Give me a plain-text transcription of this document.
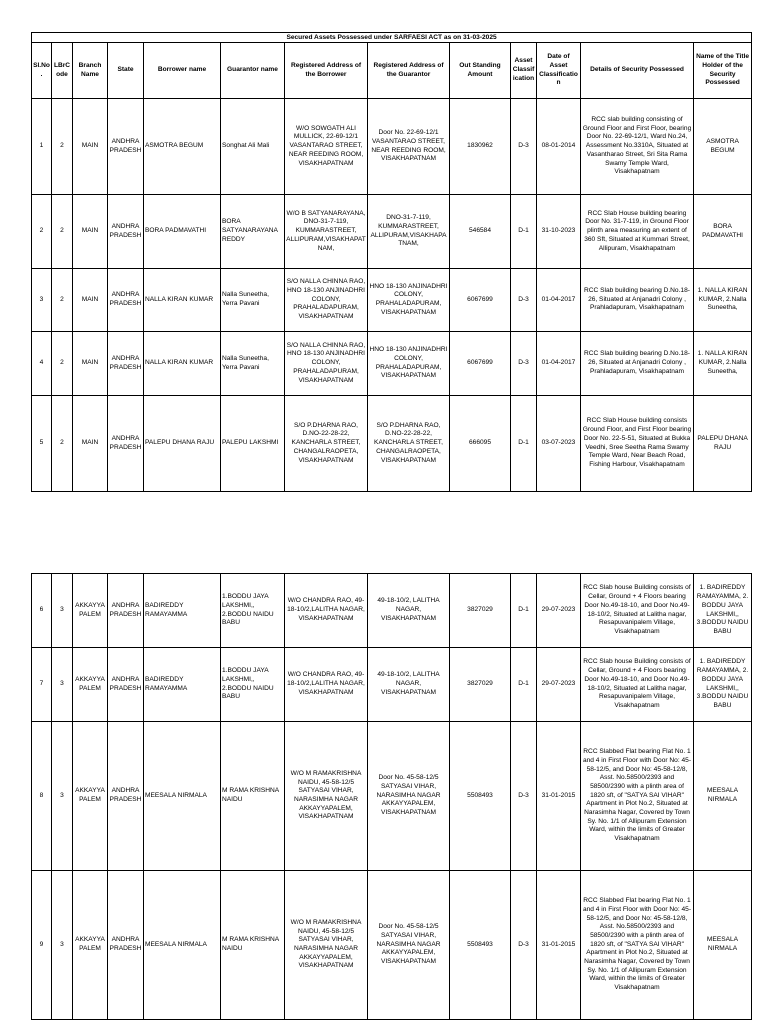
Secured Assets Possessed under SARFAESI ACT as on 31-03-2025												
Sl.No.	LBrCode	Branch Name	State	Borrower name	Guarantor name	Registered Address of the Borrower	Registered Address of the Guarantor	Out Standing Amount	Asset Classification	Date of Asset Classification	Details of Security Possessed	Name of the Title Holder of the Security Possessed
1	2	MAIN	ANDHRA PRADESH	ASMOTRA BEGUM	Songhat Ali Mali	W/O SOWGATH ALI MULLICK, 22-69-12/1 VASANTARAO STREET, NEAR REEDING ROOM, VISAKHAPATNAM	Door No. 22-69-12/1 VASANTARAO STREET, NEAR REEDING ROOM, VISAKHAPATNAM	1830962	D-3	08-01-2014	RCC slab building consisting of Ground Floor and First Floor, bearing Door No. 22-69-12/1, Ward No.24, Assessment No.3310A, Situated at Vasantharao Street, Sri Sita Rama Swamy Temple Ward, Visakhapatnam	ASMOTRA BEGUM
2	2	MAIN	ANDHRA PRADESH	BORA PADMAVATHI	BORA SATYANARAYANA REDDY	W/O B SATYANARAYANA, DNO-31-7-119, KUMMARASTREET, ALLIPURAM,VISAKHAPATNAM,	DNO-31-7-119, KUMMARASTREET, ALLIPURAM,VISAKHAPATNAM,	546584	D-1	31-10-2023	RCC Slab House building bearing Door No. 31-7-119, in Ground Floor plinth area measuring an extent of 360 Sft, Situated at Kummari Street, Allipuram, Visakhapatnam	BORA PADMAVATHI
3	2	MAIN	ANDHRA PRADESH	NALLA KIRAN KUMAR	Nalla Suneetha, Yerra Pavani	S/O NALLA CHINNA RAO, HNO 18-130 ANJINADHRI COLONY, PRAHALADAPURAM, VISAKHAPATNAM	HNO 18-130 ANJINADHRI COLONY, PRAHALADAPURAM, VISAKHAPATNAM	6067699	D-3	01-04-2017	RCC Slab building bearing D.No.18-26, Situated at Anjanadri Colony , Prahladapuram, Visakhapatnam	1. NALLA KIRAN KUMAR, 2.Nalla Suneetha,
4	2	MAIN	ANDHRA PRADESH	NALLA KIRAN KUMAR	Nalla Suneetha, Yerra Pavani	S/O NALLA CHINNA RAO, HNO 18-130 ANJINADHRI COLONY, PRAHALADAPURAM, VISAKHAPATNAM	HNO 18-130 ANJINADHRI COLONY, PRAHALADAPURAM, VISAKHAPATNAM	6067699	D-3	01-04-2017	RCC Slab building bearing D.No.18-26, Situated at Anjanadri Colony , Prahladapuram, Visakhapatnam	1. NALLA KIRAN KUMAR, 2.Nalla Suneetha,
5	2	MAIN	ANDHRA PRADESH	PALEPU DHANA RAJU	PALEPU LAKSHMI	S/O P.DHARNA RAO, D.NO-22-28-22, KANCHARLA STREET, CHANGALRAOPETA, VISAKHAPATNAM	S/O P.DHARNA RAO, D.NO-22-28-22, KANCHARLA STREET, CHANGALRAOPETA, VISAKHAPATNAM	666095	D-1	03-07-2023	RCC Slab House building consists Ground Floor, and First Floor bearing Door No. 22-5-51, Situated at Bukka Veedhi, Sree Seetha Rama Swamy Temple Ward, Near Beach Road, Fishing Harbour, Visakhapatnam	PALEPU DHANA RAJU
6	3	AKKAYYA PALEM	ANDHRA PRADESH	BADIREDDY RAMAYAMMA	1.BODDU JAYA LAKSHMI,, 2.BODDU NAIDU BABU	W/O CHANDRA RAO, 49-18-10/2,LALITHA NAGAR, VISAKHAPATNAM	49-18-10/2, LALITHA NAGAR, VISAKHAPATNAM	3827029	D-1	29-07-2023	RCC Slab house Building consists of Cellar, Ground + 4 Floors bearing Door No.49-18-10, and Door No.49-18-10/2, Situated at Lalitha nagar, Resapuvanipalem Village, Visakhapatnam	1. BADIREDDY RAMAYAMMA, 2. BODDU JAYA LAKSHMI,, 3.BODDU NAIDU BABU
7	3	AKKAYYA PALEM	ANDHRA PRADESH	BADIREDDY RAMAYAMMA	1.BODDU JAYA LAKSHMI,, 2.BODDU NAIDU BABU	W/O CHANDRA RAO, 49-18-10/2,LALITHA NAGAR, VISAKHAPATNAM	49-18-10/2, LALITHA NAGAR, VISAKHAPATNAM	3827029	D-1	29-07-2023	RCC Slab house Building consists of Cellar, Ground + 4 Floors bearing Door No.49-18-10, and Door No.49-18-10/2, Situated at Lalitha nagar, Resapuvanipalem Village, Visakhapatnam	1. BADIREDDY RAMAYAMMA, 2. BODDU JAYA LAKSHMI,, 3.BODDU NAIDU BABU
8	3	AKKAYYA PALEM	ANDHRA PRADESH	MEESALA NIRMALA	M RAMA KRISHNA NAIDU	W/O M RAMAKRISHNA NAIDU, 45-58-12/5 SATYASAI VIHAR, NARASIMHA NAGAR AKKAYYAPALEM, VISAKHAPATNAM	Door No. 45-58-12/5 SATYASAI VIHAR, NARASIMHA NAGAR AKKAYYAPALEM, VISAKHAPATNAM	5508493	D-3	31-01-2015	RCC Slabbed Flat bearing Flat No. 1 and 4 in First Floor with Door No: 45-58-12/5, and Door No: 45-58-12/8, Asst. No.58500/2393 and 58500/2390 with a plinth area of 1820 sft, of "SATYA SAI VIHAR" Apartment in Plot No.2, Situated at Narasimha Nagar, Covered by Town Sy. No. 1/1 of Allipuram Extension Ward, within the limits of Greater Visakhapatnam	MEESALA NIRMALA
9	3	AKKAYYA PALEM	ANDHRA PRADESH	MEESALA NIRMALA	M RAMA KRISHNA NAIDU	W/O M RAMAKRISHNA NAIDU, 45-58-12/5 SATYASAI VIHAR, NARASIMHA NAGAR AKKAYYAPALEM, VISAKHAPATNAM	Door No. 45-58-12/5 SATYASAI VIHAR, NARASIMHA NAGAR AKKAYYAPALEM, VISAKHAPATNAM	5508493	D-3	31-01-2015	RCC Slabbed Flat bearing Flat No. 1 and 4 in First Floor with Door No: 45-58-12/5, and Door No: 45-58-12/8, Asst. No.58500/2393 and 58500/2390 with a plinth area of 1820 sft, of "SATYA SAI VIHAR" Apartment in Plot No.2, Situated at Narasimha Nagar, Covered by Town Sy. No. 1/1 of Allipuram Extension Ward, within the limits of Greater Visakhapatnam	MEESALA NIRMALA
